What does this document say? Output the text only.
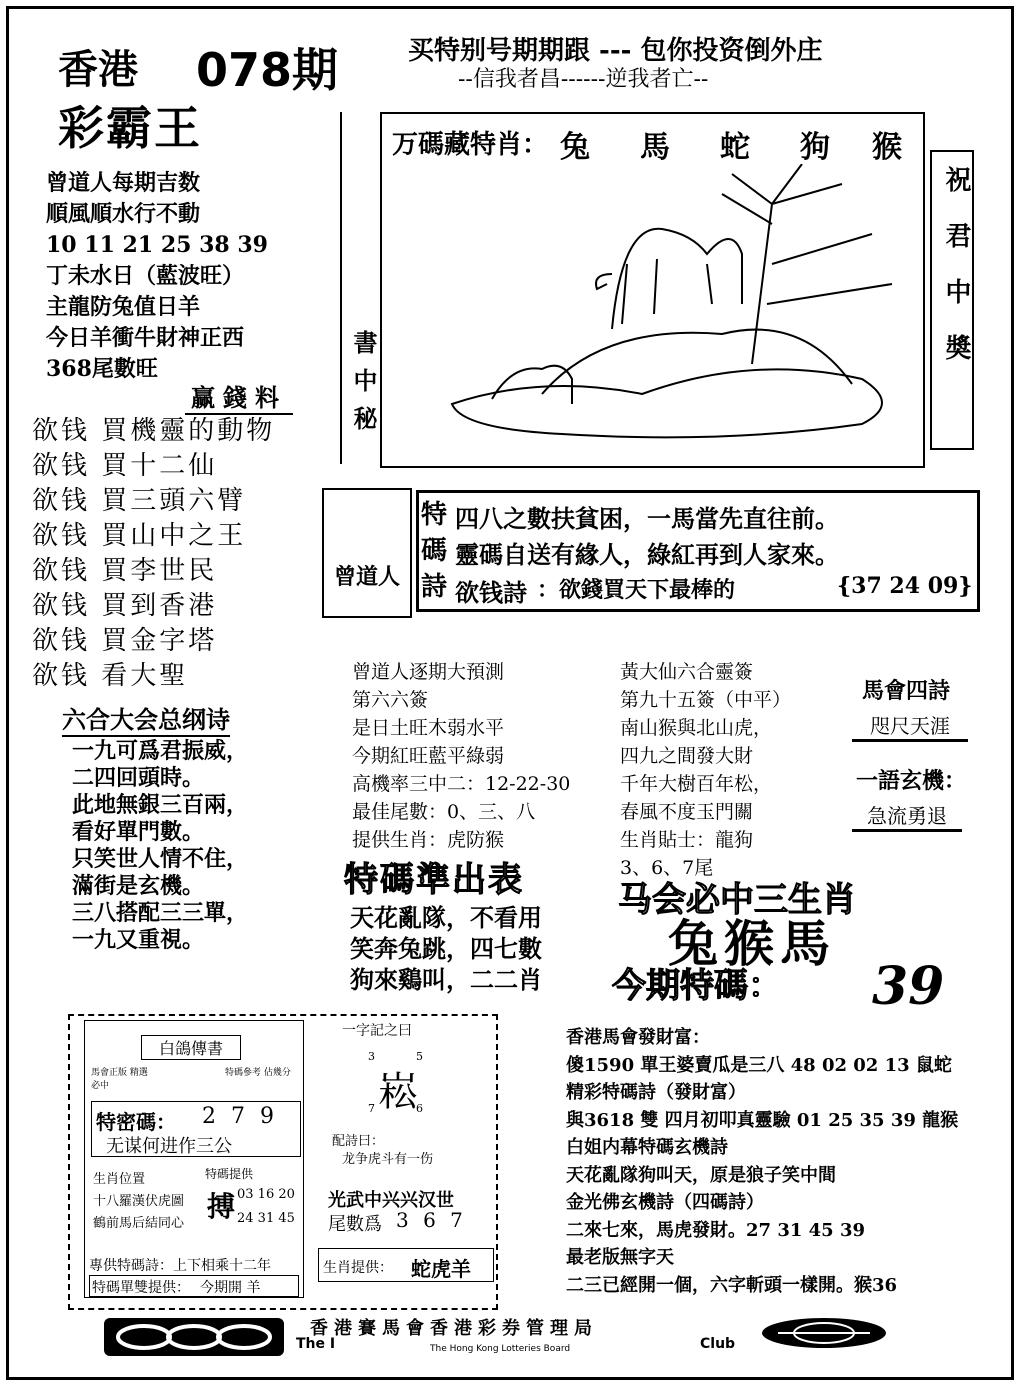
香港 078期
彩霸王
买特别号期期跟 --- 包你投资倒外庄
--信我者昌------逆我者亡--
曾道人每期吉数
順風順水行不動
10 11 21 25 38 39
丁未水日（藍波旺）
主龍防兔值日羊
今日羊衝牛財神正西
368尾數旺
赢錢料
欲钱 買機靈的動物
欲钱 買十二仙
欲钱 買三頭六臂
欲钱 買山中之王
欲钱 買李世民
欲钱 買到香港
欲钱 買金字塔
欲钱 看大聖
六合大会总纲诗
一九可爲君振威，
二四回頭時。
此地無銀三百兩，
看好單門數。
只笑世人情不住，
滿街是玄機。
三八搭配三三單，
一九又重視。
万碼藏特肖： 兔 馬 蛇 狗 猴
書中秘	祝君中奬
曾道人
特
碼
詩
四八之數扶貧困，一馬當先直往前。
靈碼自送有緣人，綠紅再到人家來。
欲钱詩 ：欲錢買天下最棒的	{37 24 09}
曾道人逐期大預測
第六六簽
是日土旺木弱水平
今期紅旺藍平綠弱
高機率三中二：12-22-30
最佳尾數：0、三、八
提供生肖：虎防猴
黃大仙六合靈簽
第九十五簽（中平）
南山猴與北山虎，
四九之間發大財
千年大樹百年松，
春風不度玉門關
生肖貼士：龍狗
3、6、7尾
馬會四詩
咫尺天涯
一語玄機：
急流勇退
特碼準出表
天花亂隊，不看用
笑奔兔跳，四七數
狗來鷄叫，二二肖
马会必中三生肖
兔猴馬
今期特碼： 39
白鴿傳書
馬會正版 精選必中
特碼參考 佔幾分
特密碼： 2 7 9
无谋何进作三公
生肖位置
十八羅漢伏虎圖
鶴前馬后結同心
特碼提供
搏 03 16 20
24 31 45
專供特碼詩：上下相乘十二年
特碼單雙提供： 今期開 羊
一字記之曰
3	5
7	6
崧
配詩曰：
龙争虎斗有一伤
光武中兴兴汉世
尾數爲 3 6 7
生肖提供： 蛇虎羊
香港馬會發財富：
傻1590 單王婆賣瓜是三八 48 02 02 13 鼠蛇
精彩特碼詩（發財富）
與3618 雙 四月初叩真靈驗 01 25 35 39 龍猴
白姐内幕特碼玄機詩
天花亂隊狗叫天，原是狼子笑中間
金光佛玄機詩（四碼詩）
二來七來，馬虎發財。27 31 45 39
最老版無字天
二三已經開一個，六字斬頭一樣開。猴36
香港賽馬會香港彩券管理局
The I	The Hong Kong Lotteries Board	Club
